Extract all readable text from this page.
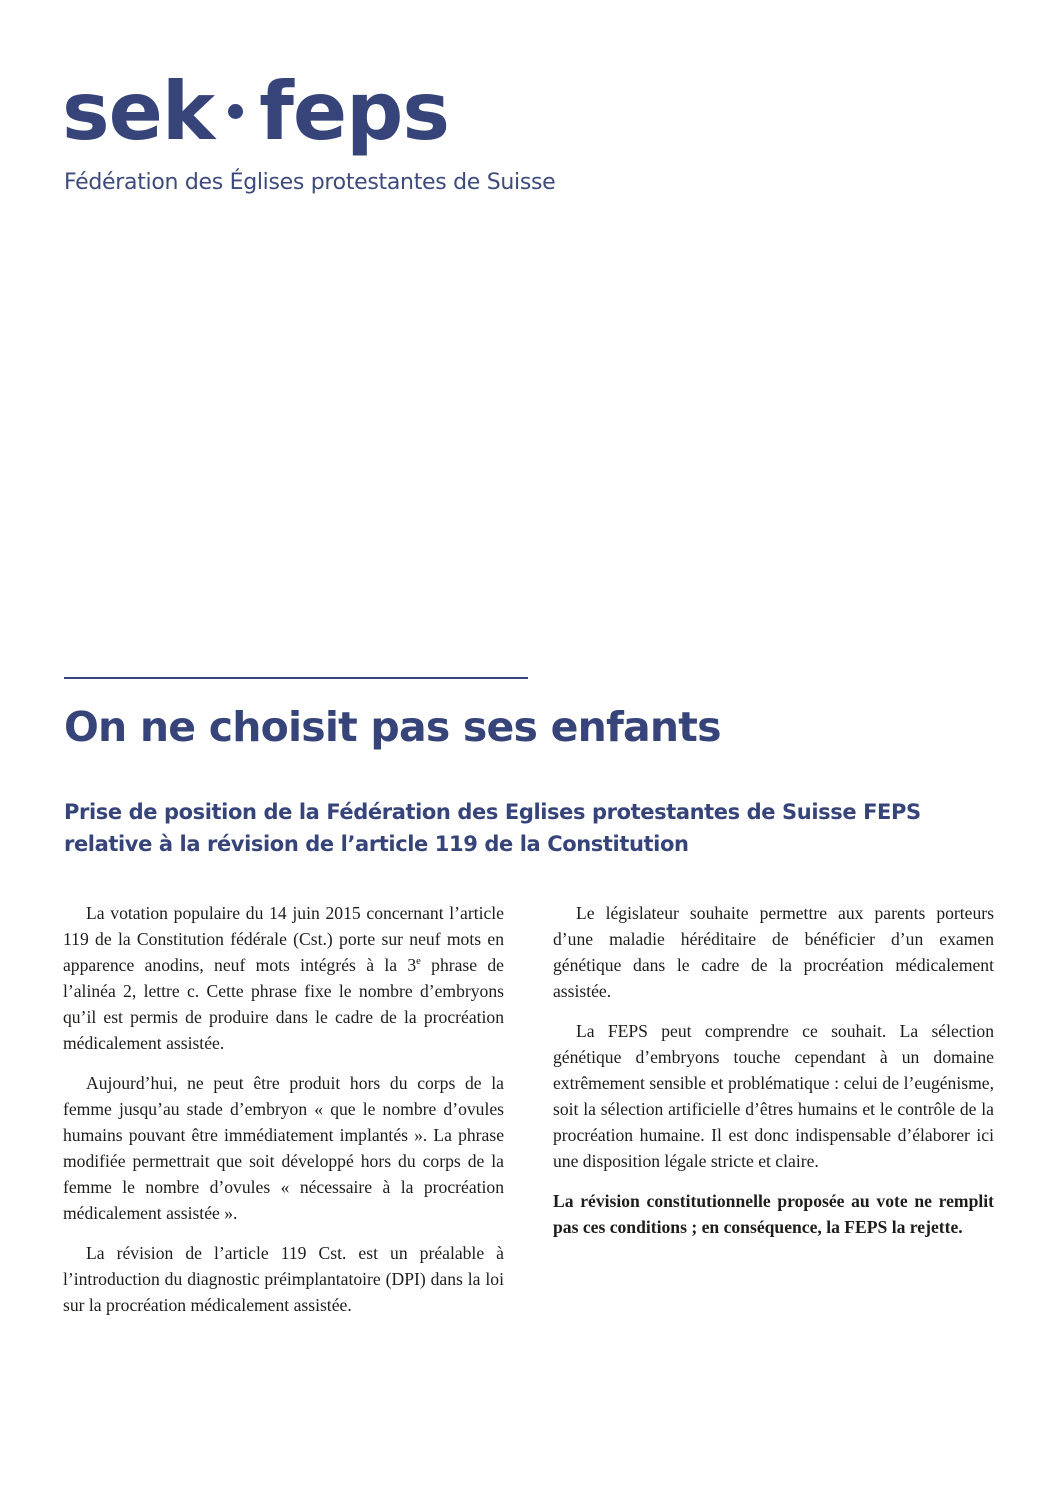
sek feps
Fédération des Églises protestantes de Suisse
On ne choisit pas ses enfants
Prise de position de la Fédération des Eglises protestantes de Suisse FEPS
relative à la révision de l’article 119 de la Constitution

La votation populaire du 14 juin 2015 concernant l’article 119 de la Constitution fédérale (Cst.) porte sur neuf mots en apparence anodins, neuf mots intégrés à la 3e phrase de l’alinéa 2, lettre c. Cette phrase fixe le nombre d’embryons qu’il est permis de produire dans le cadre de la procréation médicalement assistée.

Aujourd’hui, ne peut être produit hors du corps de la femme jusqu’au stade d’embryon « que le nombre d’ovules humains pouvant être immédiatement implantés ». La phrase modifiée permettrait que soit développé hors du corps de la femme le nombre d’ovules « nécessaire à la procréation médicalement assistée ».

La révision de l’article 119 Cst. est un préalable à l’introduction du diagnostic préimplantatoire (DPI) dans la loi sur la procréation médicalement assistée.

Le législateur souhaite permettre aux parents porteurs d’une maladie héréditaire de bénéficier d’un examen génétique dans le cadre de la procréation médicalement assistée.

La FEPS peut comprendre ce souhait. La sélection génétique d’embryons touche cependant à un domaine extrêmement sensible et problématique : celui de l’eugénisme, soit la sélection artificielle d’êtres humains et le contrôle de la procréation humaine. Il est donc indispensable d’élaborer ici une disposition légale stricte et claire.

La révision constitutionnelle proposée au vote ne remplit pas ces conditions ; en conséquence, la FEPS la rejette.
